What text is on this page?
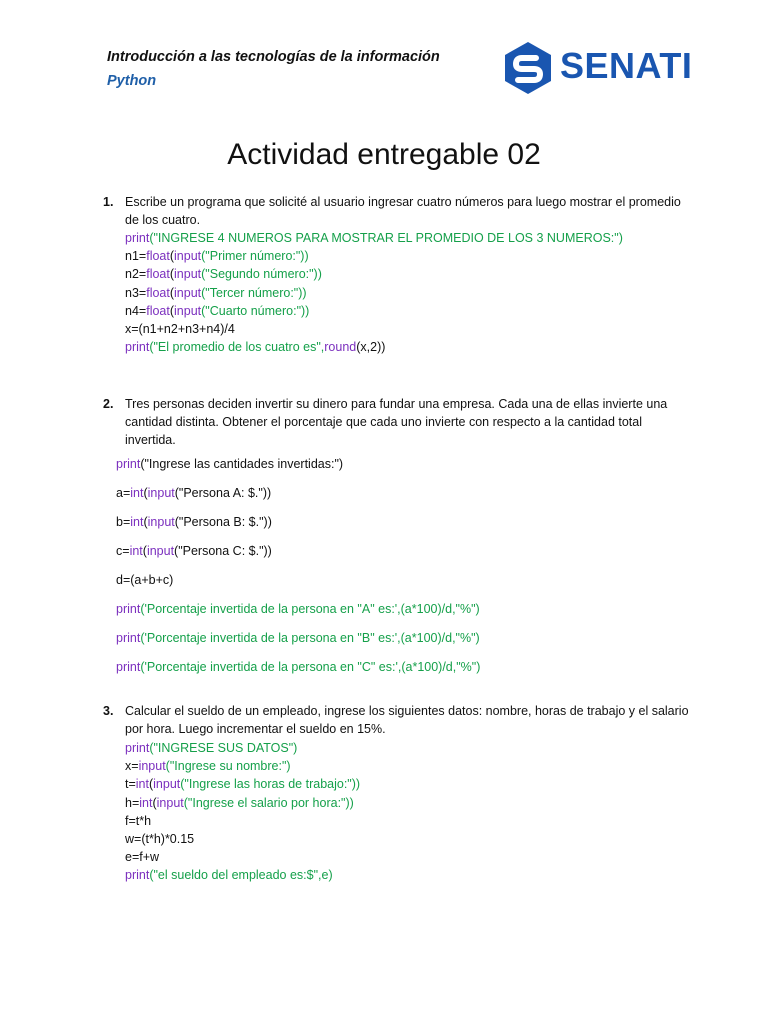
Introducción a las tecnologías de la información
Python	SENATI
Actividad entregable 02
1. Escribe un programa que solicité al usuario ingresar cuatro números para luego mostrar el promedio de los cuatro.
print("INGRESE 4 NUMEROS PARA MOSTRAR EL PROMEDIO DE LOS 3 NUMEROS:")
n1=float(input("Primer número:"))
n2=float(input("Segundo número:"))
n3=float(input("Tercer número:"))
n4=float(input("Cuarto número:"))
x=(n1+n2+n3+n4)/4
print("El promedio de los cuatro es",round(x,2))
2. Tres personas deciden invertir su dinero para fundar una empresa. Cada una de ellas invierte una cantidad distinta. Obtener el porcentaje que cada uno invierte con respecto a la cantidad total invertida.
print("Ingrese las cantidades invertidas:")
a=int(input("Persona A: $."))
b=int(input("Persona B: $."))
c=int(input("Persona C: $."))
d=(a+b+c)
print('Porcentaje invertida de la persona en "A" es:',(a*100)/d,"%")
print('Porcentaje invertida de la persona en "B" es:',(a*100)/d,"%")
print('Porcentaje invertida de la persona en "C" es:',(a*100)/d,"%")
3. Calcular el sueldo de un empleado, ingrese los siguientes datos: nombre, horas de trabajo y el salario por hora. Luego incrementar el sueldo en 15%.
print("INGRESE SUS DATOS")
x=input("Ingrese su nombre:")
t=int(input("Ingrese las horas de trabajo:"))
h=int(input("Ingrese el salario por hora:"))
f=t*h
w=(t*h)*0.15
e=f+w
print("el sueldo del empleado es:$",e)
